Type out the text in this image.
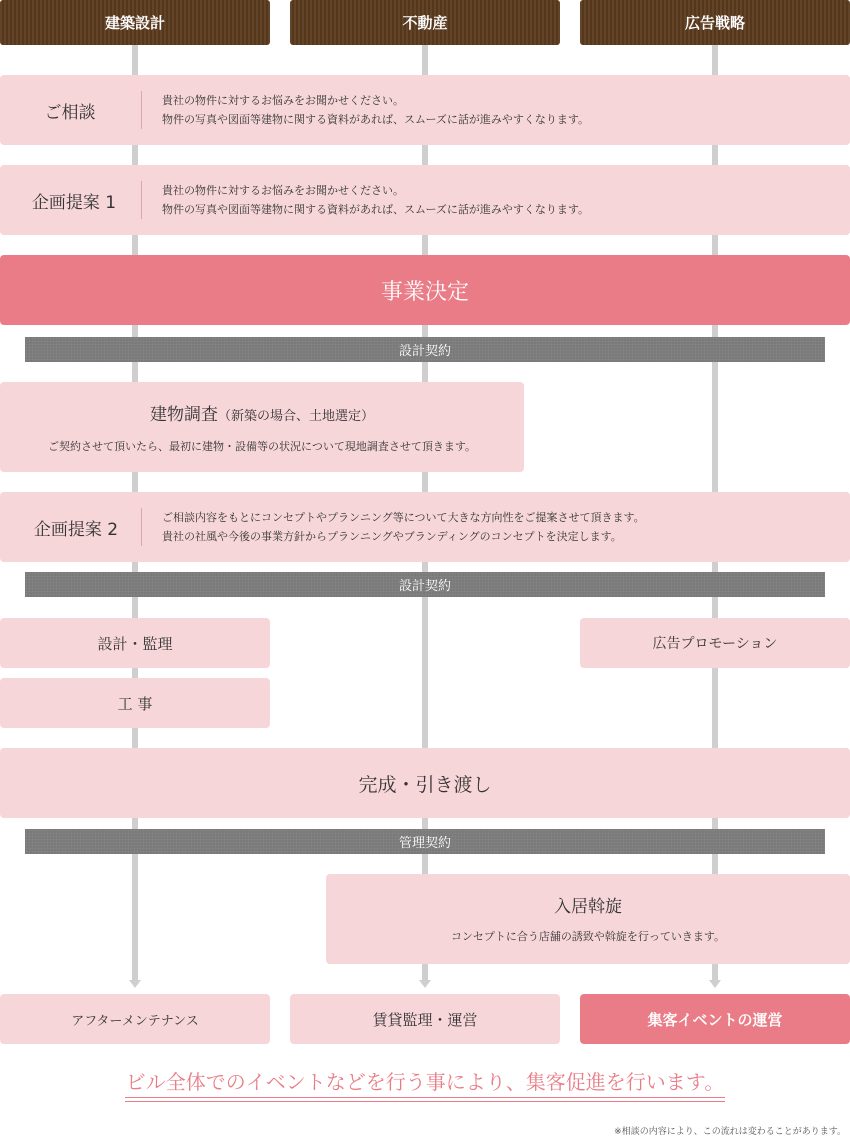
建築設計	不動産	広告戦略
ご相談
貴社の物件に対するお悩みをお聞かせください。
物件の写真や図面等建物に関する資料があれば、スムーズに話が進みやすくなります。
企画提案 1
貴社の物件に対するお悩みをお聞かせください。
物件の写真や図面等建物に関する資料があれば、スムーズに話が進みやすくなります。
事業決定
設計契約
建物調査（新築の場合、土地選定）
ご契約させて頂いたら、最初に建物・設備等の状況について現地調査させて頂きます。
企画提案 2
ご相談内容をもとにコンセプトやプランニング等について大きな方向性をご提案させて頂きます。
貴社の社風や今後の事業方針からプランニングやブランディングのコンセプトを決定します。
設計契約
設計・監理	広告プロモーション
工 事
完成・引き渡し
管理契約
入居斡旋
コンセプトに合う店舗の誘致や斡旋を行っていきます。
アフターメンテナンス	賃貸監理・運営	集客イベントの運営
ビル全体でのイベントなどを行う事により、集客促進を行います。
※相談の内容により、この流れは変わることがあります。
